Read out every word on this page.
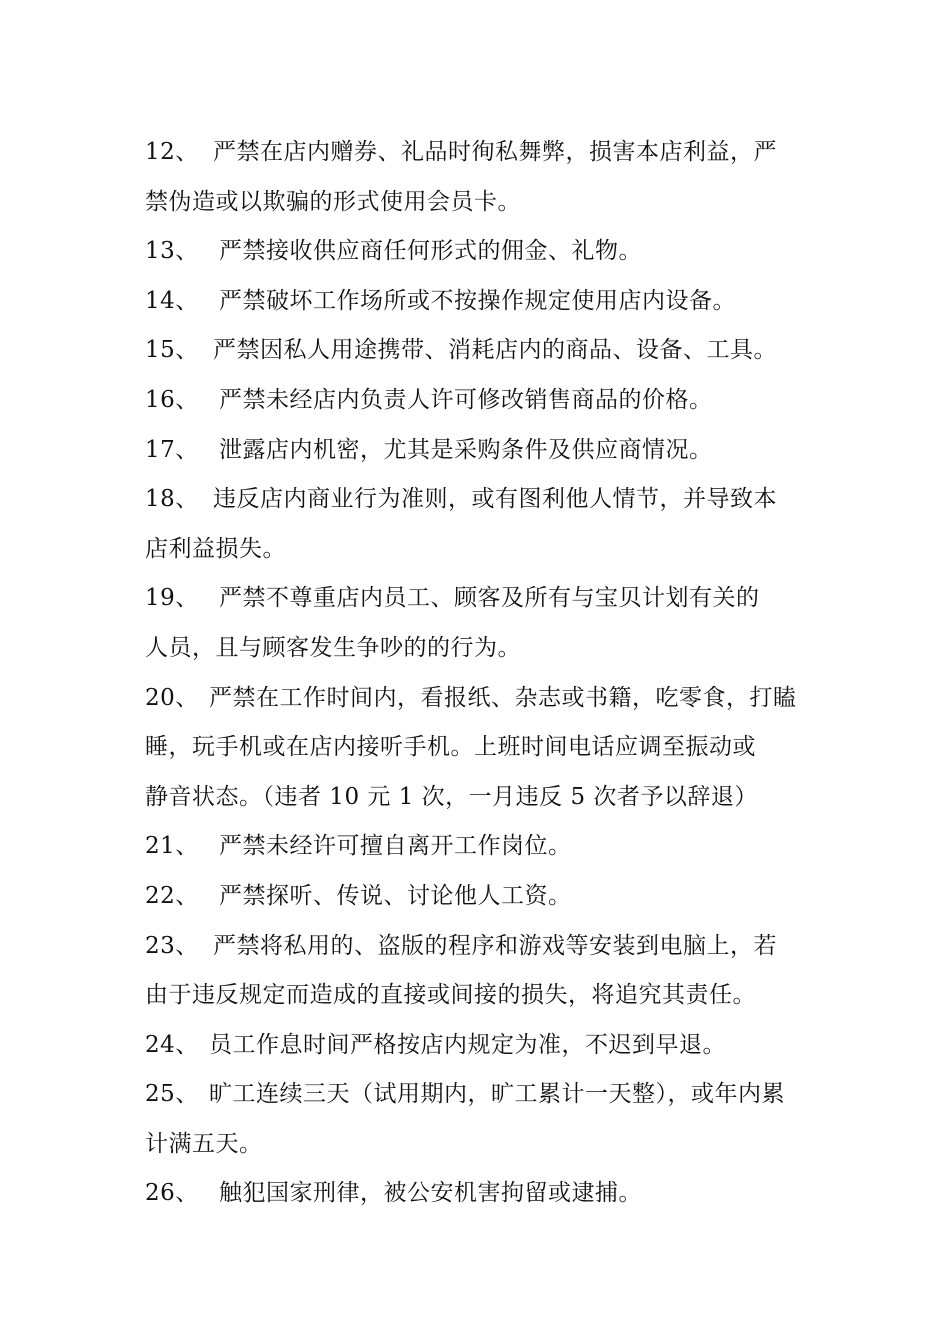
12、 严禁在店内赠券、礼品时徇私舞弊，损害本店利益，严
禁伪造或以欺骗的形式使用会员卡。
13、 严禁接收供应商任何形式的佣金、礼物。
14、 严禁破坏工作场所或不按操作规定使用店内设备。
15、 严禁因私人用途携带、消耗店内的商品、设备、工具。
16、 严禁未经店内负责人许可修改销售商品的价格。
17、 泄露店内机密，尤其是采购条件及供应商情况。
18、 违反店内商业行为准则，或有图利他人情节，并导致本
店利益损失。
19、 严禁不尊重店内员工、顾客及所有与宝贝计划有关的
人员，且与顾客发生争吵的的行为。
20、 严禁在工作时间内，看报纸、杂志或书籍，吃零食，打瞌
睡，玩手机或在店内接听手机。上班时间电话应调至振动或
静音状态。（违者 10 元 1 次，一月违反 5 次者予以辞退）
21、 严禁未经许可擅自离开工作岗位。
22、 严禁探听、传说、讨论他人工资。
23、 严禁将私用的、盗版的程序和游戏等安装到电脑上，若
由于违反规定而造成的直接或间接的损失，将追究其责任。
24、 员工作息时间严格按店内规定为准，不迟到早退。
25、 旷工连续三天（试用期内，旷工累计一天整），或年内累
计满五天。
26、 触犯国家刑律，被公安机害拘留或逮捕。
